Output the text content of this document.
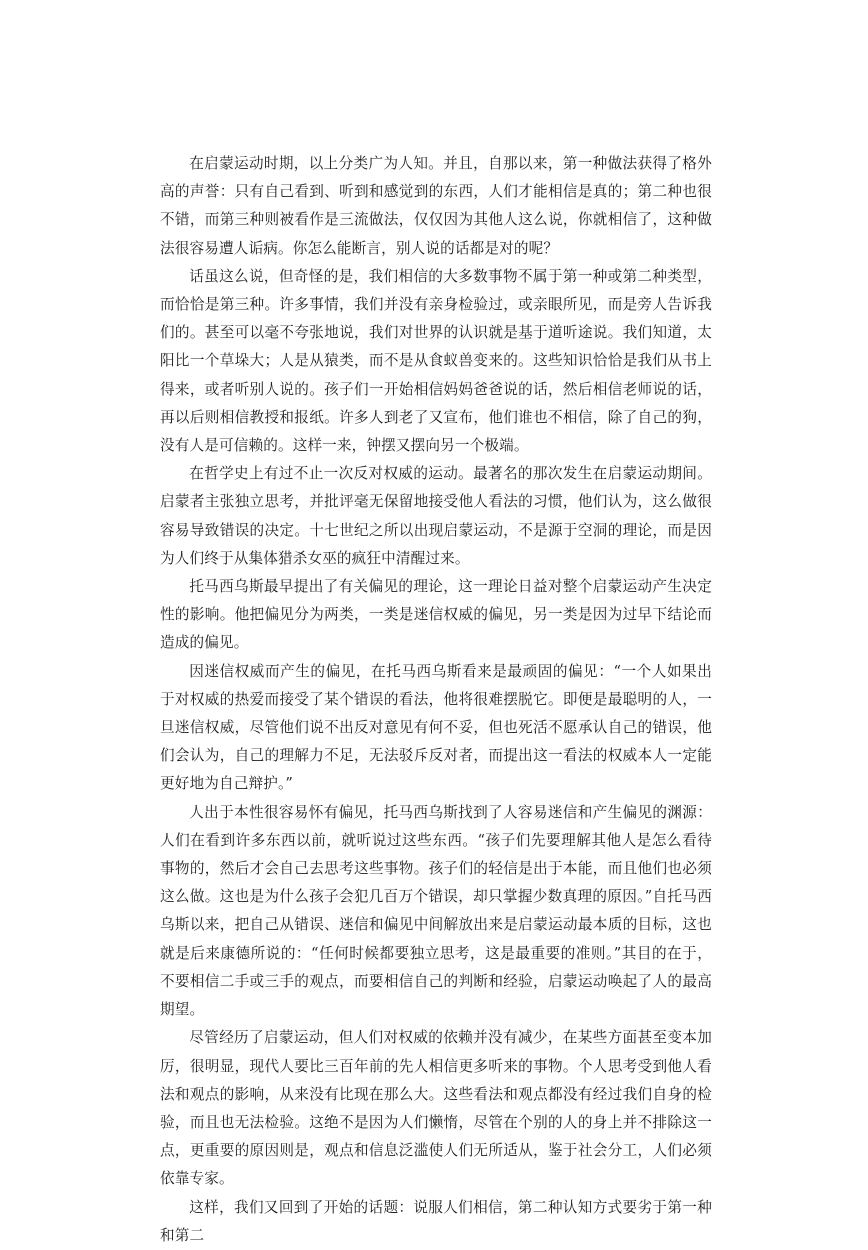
在启蒙运动时期，以上分类广为人知。并且，自那以来，第一种做法获得了格外高的声誉：只有自己看到、听到和感觉到的东西，人们才能相信是真的；第二种也很不错，而第三种则被看作是三流做法，仅仅因为其他人这么说，你就相信了，这种做法很容易遭人诟病。你怎么能断言，别人说的话都是对的呢？

话虽这么说，但奇怪的是，我们相信的大多数事物不属于第一种或第二种类型，而恰恰是第三种。许多事情，我们并没有亲身检验过，或亲眼所见，而是旁人告诉我们的。甚至可以毫不夸张地说，我们对世界的认识就是基于道听途说。我们知道，太阳比一个草垛大；人是从猿类，而不是从食蚁兽变来的。这些知识恰恰是我们从书上得来，或者听别人说的。孩子们一开始相信妈妈爸爸说的话，然后相信老师说的话，再以后则相信教授和报纸。许多人到老了又宣布，他们谁也不相信，除了自己的狗，没有人是可信赖的。这样一来，钟摆又摆向另一个极端。

在哲学史上有过不止一次反对权威的运动。最著名的那次发生在启蒙运动期间。启蒙者主张独立思考，并批评毫无保留地接受他人看法的习惯，他们认为，这么做很容易导致错误的决定。十七世纪之所以出现启蒙运动，不是源于空洞的理论，而是因为人们终于从集体猎杀女巫的疯狂中清醒过来。

托马西乌斯最早提出了有关偏见的理论，这一理论日益对整个启蒙运动产生决定性的影响。他把偏见分为两类，一类是迷信权威的偏见，另一类是因为过早下结论而造成的偏见。

因迷信权威而产生的偏见，在托马西乌斯看来是最顽固的偏见：“一个人如果出于对权威的热爱而接受了某个错误的看法，他将很难摆脱它。即便是最聪明的人，一旦迷信权威，尽管他们说不出反对意见有何不妥，但也死活不愿承认自己的错误，他们会认为，自己的理解力不足，无法驳斥反对者，而提出这一看法的权威本人一定能更好地为自己辩护。”

人出于本性很容易怀有偏见，托马西乌斯找到了人容易迷信和产生偏见的渊源：人们在看到许多东西以前，就听说过这些东西。“孩子们先要理解其他人是怎么看待事物的，然后才会自己去思考这些事物。孩子们的轻信是出于本能，而且他们也必须这么做。这也是为什么孩子会犯几百万个错误，却只掌握少数真理的原因。”自托马西乌斯以来，把自己从错误、迷信和偏见中间解放出来是启蒙运动最本质的目标，这也就是后来康德所说的：“任何时候都要独立思考，这是最重要的准则。”其目的在于，不要相信二手或三手的观点，而要相信自己的判断和经验，启蒙运动唤起了人的最高期望。

尽管经历了启蒙运动，但人们对权威的依赖并没有减少，在某些方面甚至变本加厉，很明显，现代人要比三百年前的先人相信更多听来的事物。个人思考受到他人看法和观点的影响，从来没有比现在那么大。这些看法和观点都没有经过我们自身的检验，而且也无法检验。这绝不是因为人们懒惰，尽管在个别的人的身上并不排除这一点，更重要的原因则是，观点和信息泛滥使人们无所适从，鉴于社会分工，人们必须依靠专家。

这样，我们又回到了开始的话题：说服人们相信，第二种认知方式要劣于第一种和第二
